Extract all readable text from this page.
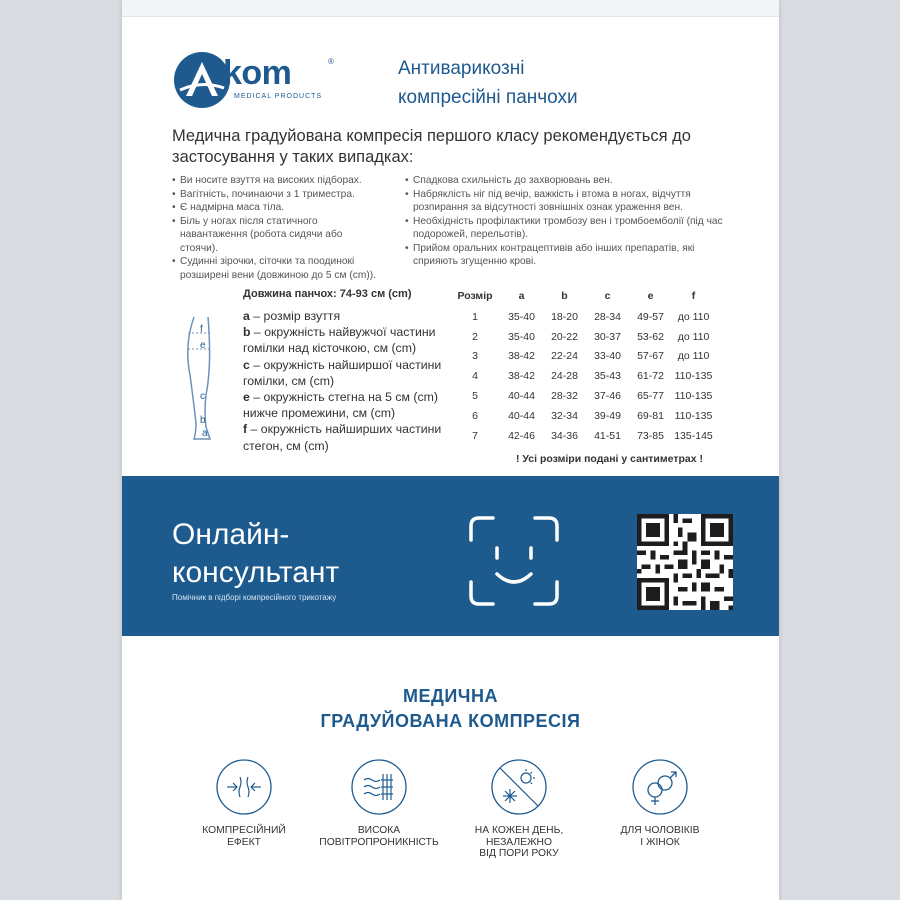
lkom	®
MEDICAL PRODUCTS
Антиварикозні
компресійні панчохи
Медична градуйована компресія першого класу рекомендується до застосування у таких випадках:
• Ви носите взуття на високих підборах.
• Вагітність, починаючи з 1 триместра.
• Є надмірна маса тіла.
• Біль у ногах після статичного навантаження (робота сидячи або стоячи).
• Судинні зірочки, сіточки та поодинокі розширені вени (довжиною до 5 см (cm)).
• Спадкова схильність до захворювань вен.
• Набряклість ніг під вечір, важкість і втома в ногах, відчуття розпирання за відсутності зовнішніх ознак ураження вен.
• Необхідність профілактики тромбозу вен і тромбоемболії (під час подорожей, перельотів).
• Прийом оральних контрацептивів або інших препаратів, які сприяють згущенню крові.
f
e
c
b
a
Довжина панчох: 74-93 см (cm)
a – розмір взуття
b – окружність найвужчої частини гомілки над кісточкою, см (cm)
c – окружність найширшої частини гомілки, см (cm)
e – окружність стегна на 5 см (cm) нижче промежини, см (cm)
f – окружність найширших частини стегон, см (cm)
Розмір	a	b	c	e	f
1	35-40	18-20	28-34	49-57	до 110
2	35-40	20-22	30-37	53-62	до 110
3	38-42	22-24	33-40	57-67	до 110
4	38-42	24-28	35-43	61-72	110-135
5	40-44	28-32	37-46	65-77	110-135
6	40-44	32-34	39-49	69-81	110-135
7	42-46	34-36	41-51	73-85	135-145
! Усі розміри подані у сантиметрах !
Онлайн-
консультант
Помічник в підборі компресійного трикотажу
МЕДИЧНА
ГРАДУЙОВАНА КОМПРЕСІЯ
КОМПРЕСІЙНИЙ
ЕФЕКТ
ВИСОКА
ПОВІТРОПРОНИКНІСТЬ
НА КОЖЕН ДЕНЬ,
НЕЗАЛЕЖНО
ВІД ПОРИ РОКУ
ДЛЯ ЧОЛОВІКІВ
І ЖІНОК
